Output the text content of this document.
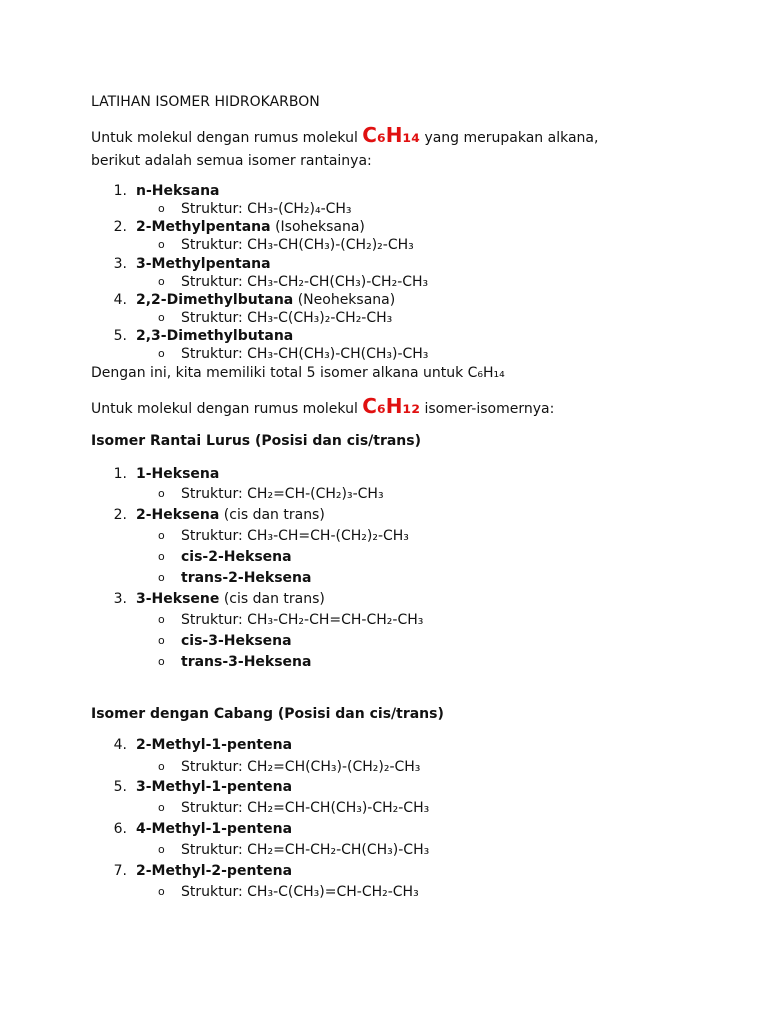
LATIHAN ISOMER HIDROKARBON
Untuk molekul dengan rumus molekul C₆H₁₄ yang merupakan alkana,
berikut adalah semua isomer rantainya:
1. n-Heksana
o Struktur: CH₃-(CH₂)₄-CH₃
2. 2-Methylpentana (Isoheksana)
o Struktur: CH₃-CH(CH₃)-(CH₂)₂-CH₃
3. 3-Methylpentana
o Struktur: CH₃-CH₂-CH(CH₃)-CH₂-CH₃
4. 2,2-Dimethylbutana (Neoheksana)
o Struktur: CH₃-C(CH₃)₂-CH₂-CH₃
5. 2,3-Dimethylbutana
o Struktur: CH₃-CH(CH₃)-CH(CH₃)-CH₃
Dengan ini, kita memiliki total 5 isomer alkana untuk C₆H₁₄
Untuk molekul dengan rumus molekul C₆H₁₂ isomer-isomernya:
Isomer Rantai Lurus (Posisi dan cis/trans)
1. 1-Heksena
o Struktur: CH₂=CH-(CH₂)₃-CH₃
2. 2-Heksena (cis dan trans)
o Struktur: CH₃-CH=CH-(CH₂)₂-CH₃
o cis-2-Heksena
o trans-2-Heksena
3. 3-Heksene (cis dan trans)
o Struktur: CH₃-CH₂-CH=CH-CH₂-CH₃
o cis-3-Heksena
o trans-3-Heksena
Isomer dengan Cabang (Posisi dan cis/trans)
4. 2-Methyl-1-pentena
o Struktur: CH₂=CH(CH₃)-(CH₂)₂-CH₃
5. 3-Methyl-1-pentena
o Struktur: CH₂=CH-CH(CH₃)-CH₂-CH₃
6. 4-Methyl-1-pentena
o Struktur: CH₂=CH-CH₂-CH(CH₃)-CH₃
7. 2-Methyl-2-pentena
o Struktur: CH₃-C(CH₃)=CH-CH₂-CH₃
